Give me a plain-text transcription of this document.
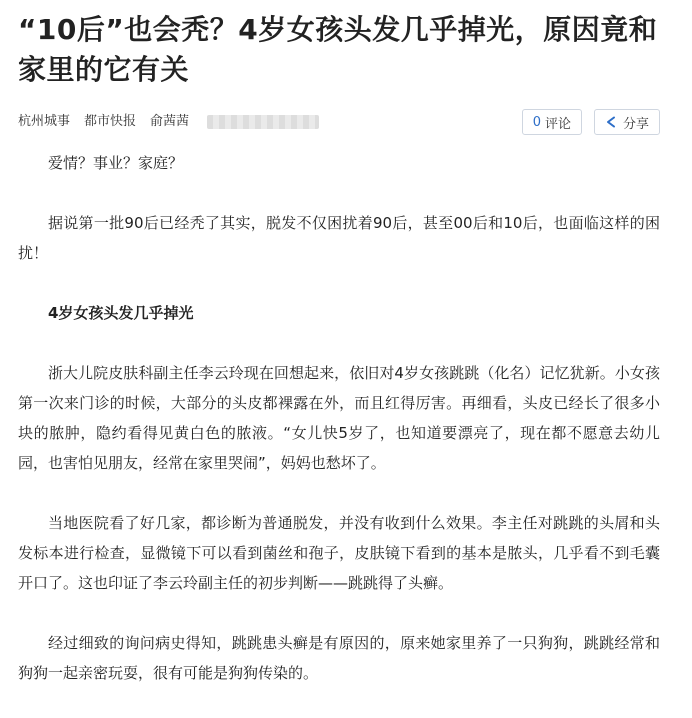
“10后”也会秃？4岁女孩头发几乎掉光，原因竟和家里的它有关
杭州城事 都市快报 俞茜茜	0 评论	分享

爱情？事业？家庭？

据说第一批90后已经秃了其实，脱发不仅困扰着90后，甚至00后和10后，也面临这样的困扰！

4岁女孩头发几乎掉光

浙大儿院皮肤科副主任李云玲现在回想起来，依旧对4岁女孩跳跳（化名）记忆犹新。小女孩第一次来门诊的时候，大部分的头皮都裸露在外，而且红得厉害。再细看，头皮已经长了很多小块的脓肿，隐约看得见黄白色的脓液。“女儿快5岁了，也知道要漂亮了，现在都不愿意去幼儿园，也害怕见朋友，经常在家里哭闹”，妈妈也愁坏了。

当地医院看了好几家，都诊断为普通脱发，并没有收到什么效果。李主任对跳跳的头屑和头发标本进行检查，显微镜下可以看到菌丝和孢子，皮肤镜下看到的基本是脓头，几乎看不到毛囊开口了。这也印证了李云玲副主任的初步判断——跳跳得了头癣。

经过细致的询问病史得知，跳跳患头癣是有原因的，原来她家里养了一只狗狗，跳跳经常和狗狗一起亲密玩耍，很有可能是狗狗传染的。
